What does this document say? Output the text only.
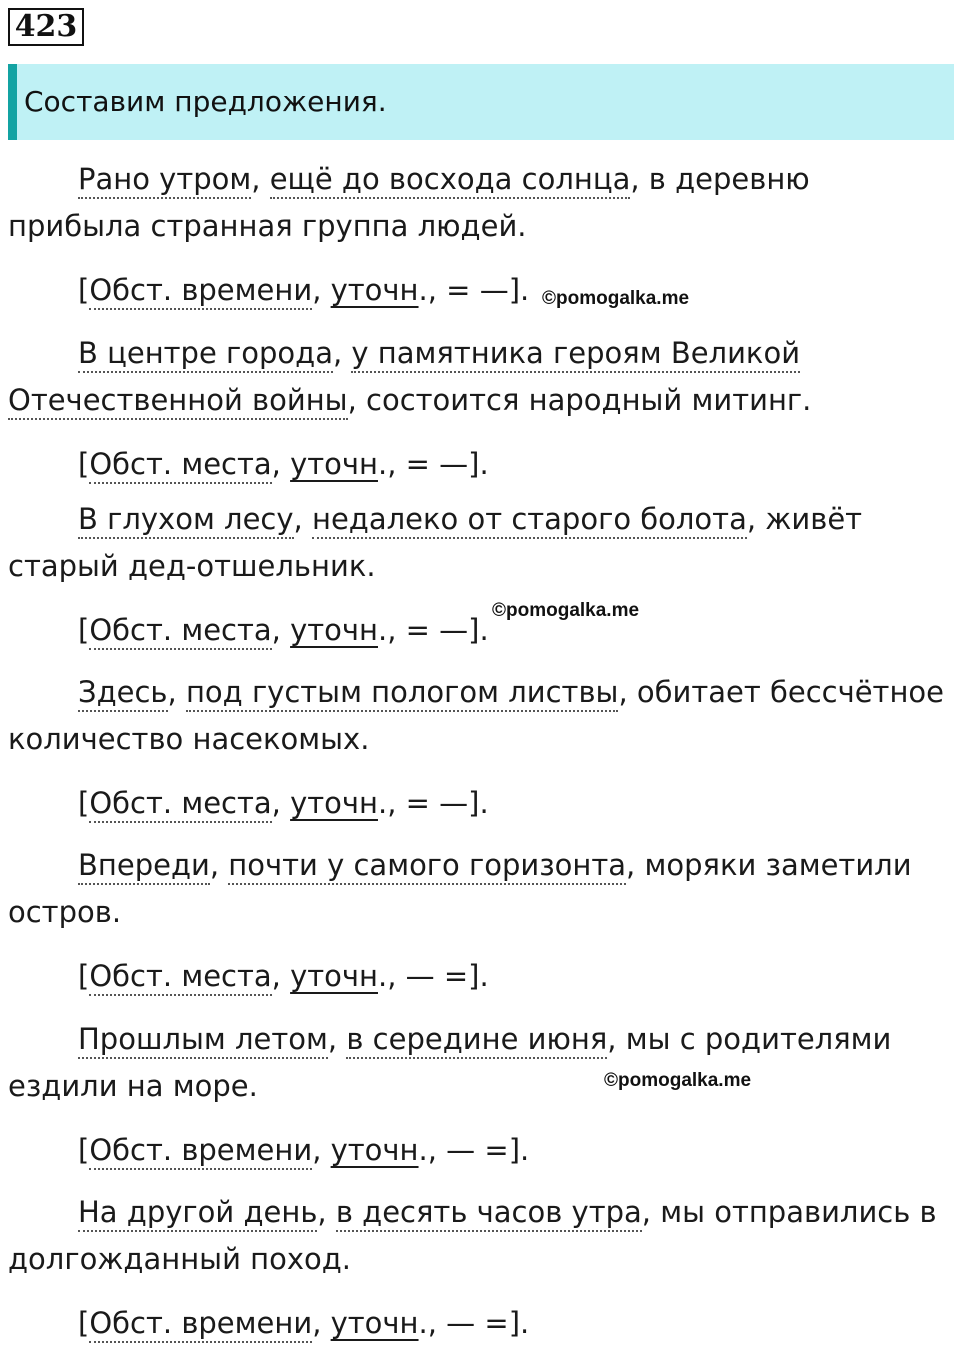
423
Составим предложения.

Рано утром, ещё до восхода солнца, в деревню прибыла странная группа людей.

[Обст. времени, уточн., = —]. ©pomogalka.me

В центре города, у памятника героям Великой Отечественной войны, состоится народный митинг.

[Обст. места, уточн., = —].

В глухом лесу, недалеко от старого болота, живёт старый дед-отшельник.

[Обст. места, уточн., = —].

©pomogalka.me

Здесь, под густым пологом листвы, обитает бессчётное количество насекомых.

[Обст. места, уточн., = —].

Впереди, почти у самого горизонта, моряки заметили остров.

[Обст. места, уточн., — =].

Прошлым летом, в середине июня, мы с родителями ездили на море.	©pomogalka.me

[Обст. времени, уточн., — =].

На другой день, в десять часов утра, мы отправились в долгожданный поход.

[Обст. времени, уточн., — =].
